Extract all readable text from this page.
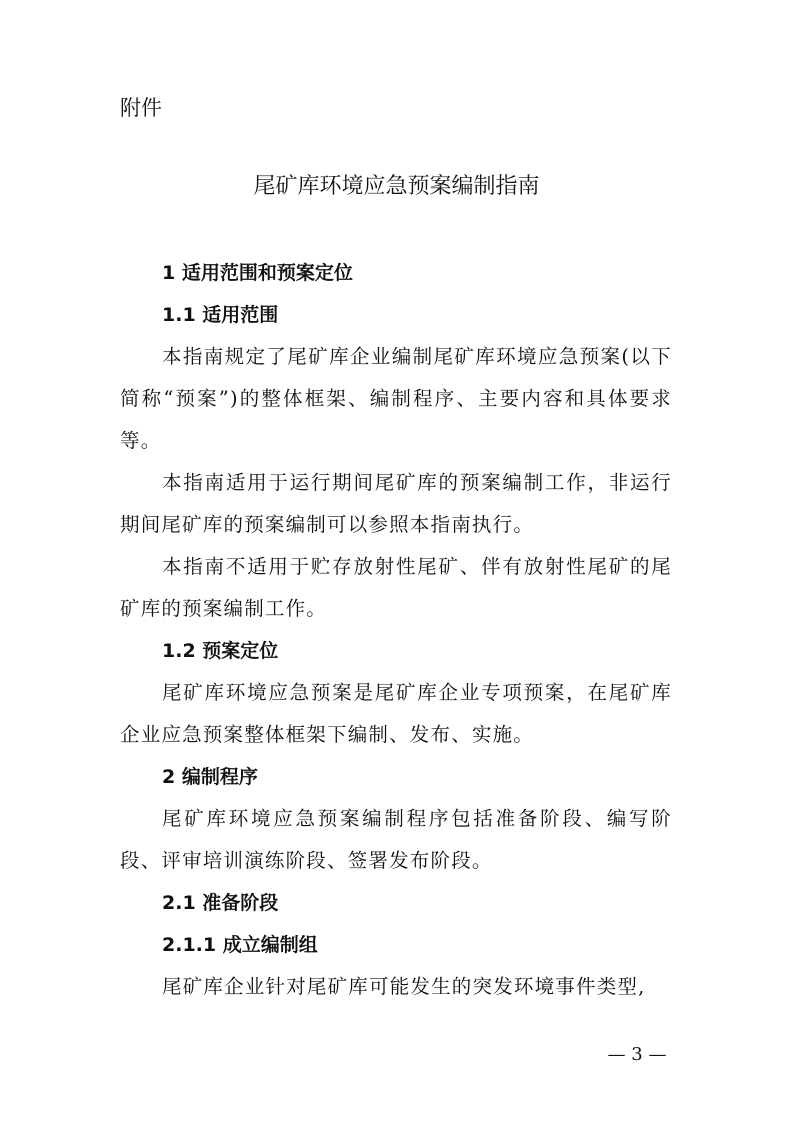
附件
尾矿库环境应急预案编制指南
1 适用范围和预案定位
1.1 适用范围
本指南规定了尾矿库企业编制尾矿库环境应急预案(以下简称“预案”)的整体框架、编制程序、主要内容和具体要求等。
本指南适用于运行期间尾矿库的预案编制工作，非运行期间尾矿库的预案编制可以参照本指南执行。
本指南不适用于贮存放射性尾矿、伴有放射性尾矿的尾矿库的预案编制工作。
1.2 预案定位
尾矿库环境应急预案是尾矿库企业专项预案，在尾矿库企业应急预案整体框架下编制、发布、实施。
2 编制程序
尾矿库环境应急预案编制程序包括准备阶段、编写阶段、评审培训演练阶段、签署发布阶段。
2.1 准备阶段
2.1.1 成立编制组
尾矿库企业针对尾矿库可能发生的突发环境事件类型,
— 3 —
